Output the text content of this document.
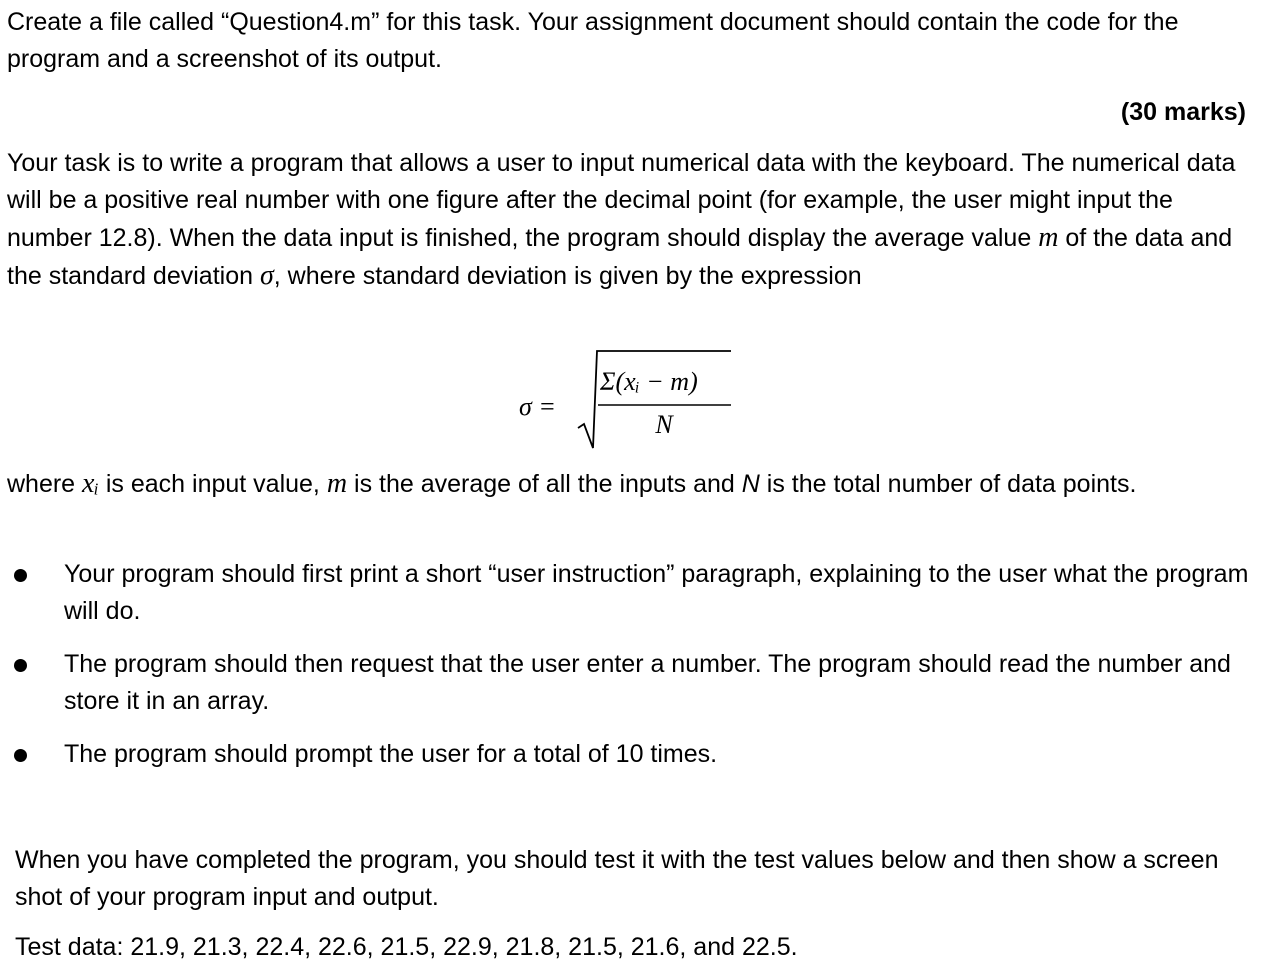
Create a file called “Question4.m” for this task. Your assignment document should contain the code for the program and a screenshot of its output.

(30 marks)

Your task is to write a program that allows a user to input numerical data with the keyboard. The numerical data will be a positive real number with one figure after the decimal point (for example, the user might input the number 12.8). When the data input is finished, the program should display the average value m of the data and the standard deviation σ, where standard deviation is given by the expression

σ =
Σ(xᵢ − m)
N

where xᵢ is each input value, m is the average of all the inputs and N is the total number of data points.

Your program should first print a short “user instruction” paragraph, explaining to the user what the program will do.
The program should then request that the user enter a number. The program should read the number and store it in an array.
The program should prompt the user for a total of 10 times.

When you have completed the program, you should test it with the test values below and then show a screen shot of your program input and output.

Test data: 21.9, 21.3, 22.4, 22.6, 21.5, 22.9, 21.8, 21.5, 21.6, and 22.5.
